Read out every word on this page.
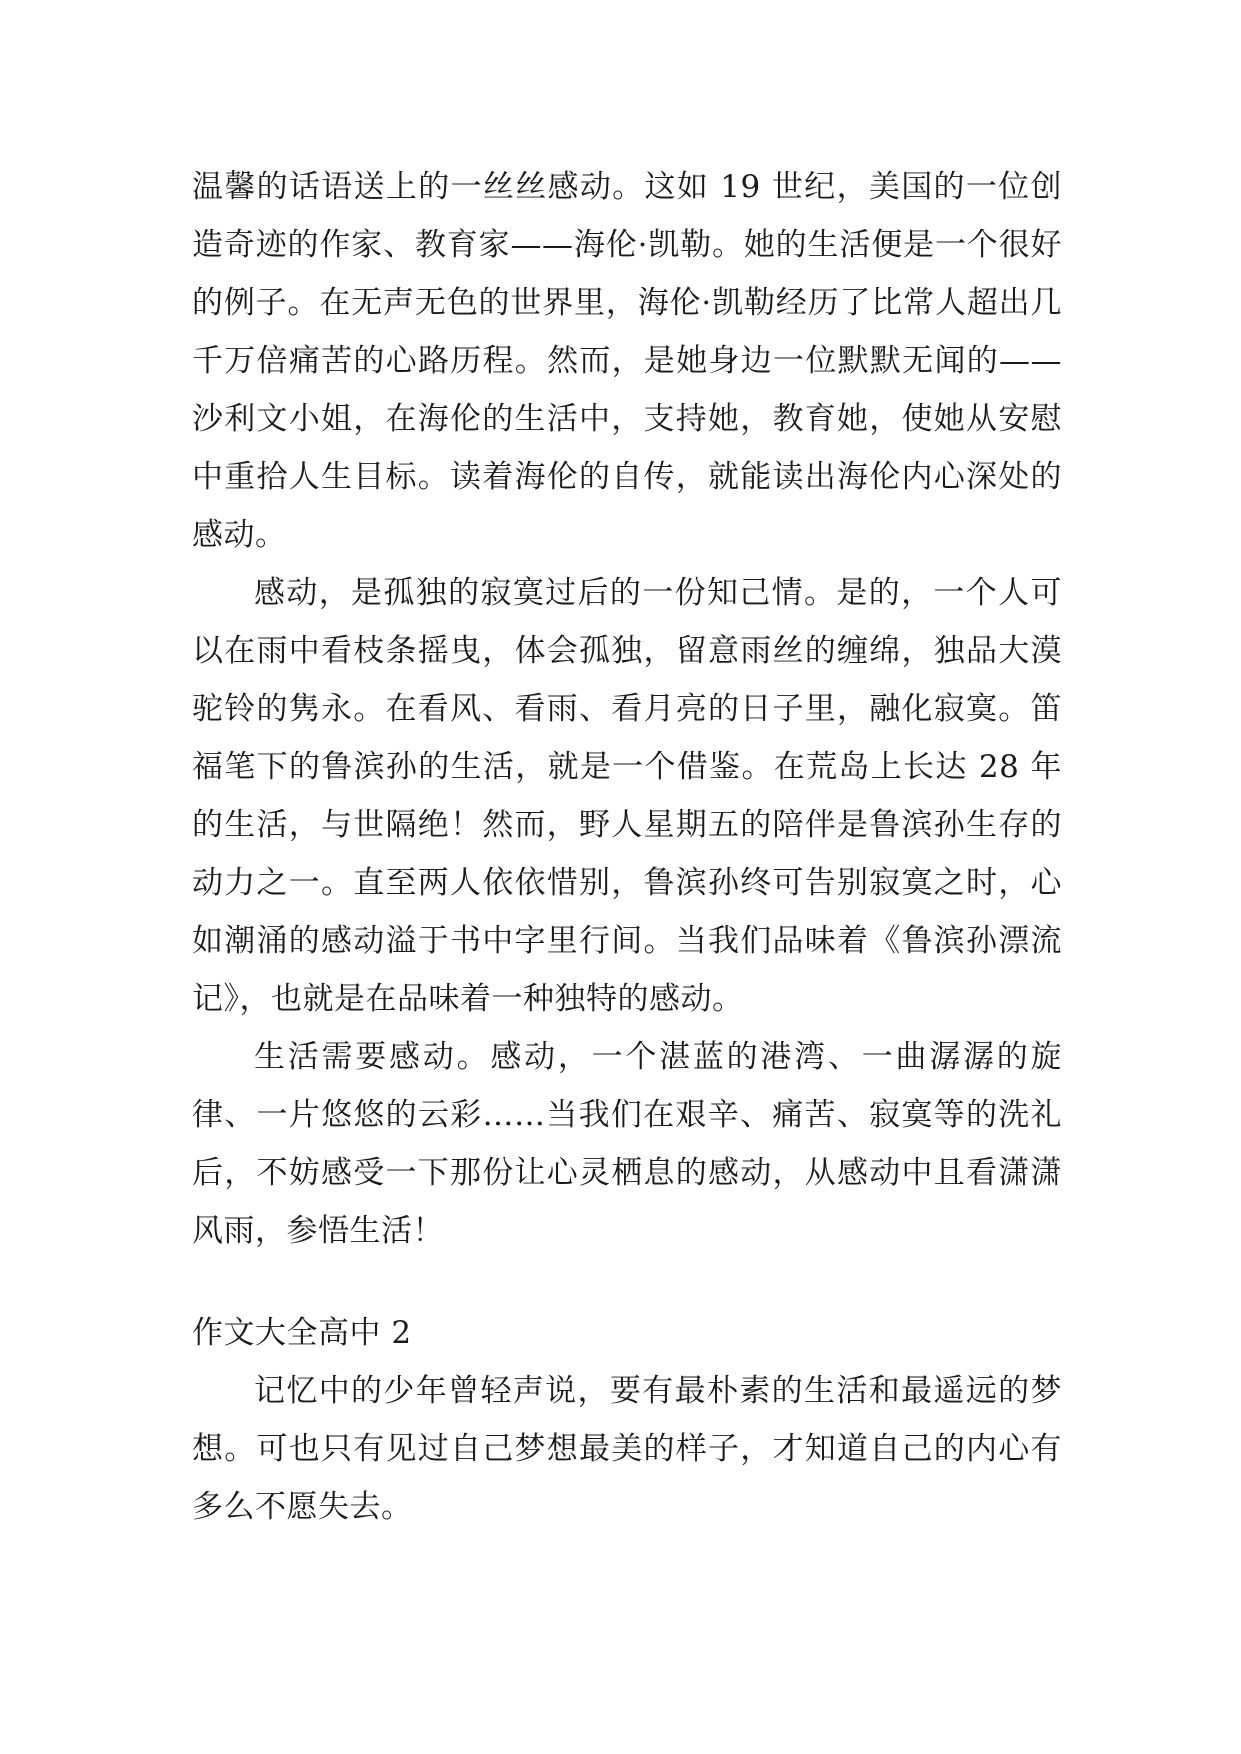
温馨的话语送上的一丝丝感动。这如 19 世纪，美国的一位创造奇迹的作家、教育家——海伦·凯勒。她的生活便是一个很好的例子。在无声无色的世界里，海伦·凯勒经历了比常人超出几千万倍痛苦的心路历程。然而，是她身边一位默默无闻的——沙利文小姐，在海伦的生活中，支持她，教育她，使她从安慰中重拾人生目标。读着海伦的自传，就能读出海伦内心深处的感动。

感动，是孤独的寂寞过后的一份知己情。是的，一个人可以在雨中看枝条摇曳，体会孤独，留意雨丝的缠绵，独品大漠驼铃的隽永。在看风、看雨、看月亮的日子里，融化寂寞。笛福笔下的鲁滨孙的生活，就是一个借鉴。在荒岛上长达 28 年的生活，与世隔绝！然而，野人星期五的陪伴是鲁滨孙生存的动力之一。直至两人依依惜别，鲁滨孙终可告别寂寞之时，心如潮涌的感动溢于书中字里行间。当我们品味着《鲁滨孙漂流记》，也就是在品味着一种独特的感动。

生活需要感动。感动，一个湛蓝的港湾、一曲潺潺的旋律、一片悠悠的云彩……当我们在艰辛、痛苦、寂寞等的洗礼后，不妨感受一下那份让心灵栖息的感动，从感动中且看潇潇风雨，参悟生活！

作文大全高中 2

记忆中的少年曾轻声说，要有最朴素的生活和最遥远的梦想。可也只有见过自己梦想最美的样子，才知道自己的内心有多么不愿失去。
